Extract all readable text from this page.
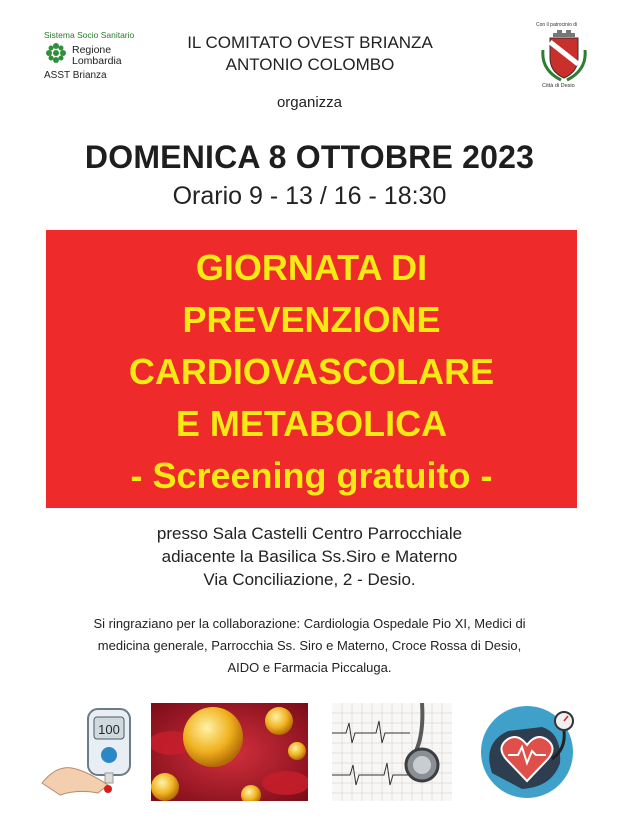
Sistema Socio Sanitario
Regione
Lombardia
ASST Brianza
IL COMITATO OVEST BRIANZA
ANTONIO COLOMBO
Con il patrocinio di
Città di Desio
organizza
DOMENICA 8 OTTOBRE 2023
Orario 9 - 13 / 16 - 18:30
GIORNATA DI
PREVENZIONE
CARDIOVASCOLARE
E METABOLICA
- Screening gratuito -
presso Sala Castelli Centro Parrocchiale
adiacente la Basilica Ss.Siro e Materno
Via Conciliazione, 2 - Desio.
Si ringraziano per la collaborazione: Cardiologia Ospedale Pio XI, Medici di
medicina generale, Parrocchia Ss. Siro e Materno, Croce Rossa di Desio,
AIDO e Farmacia Piccaluga.
100
